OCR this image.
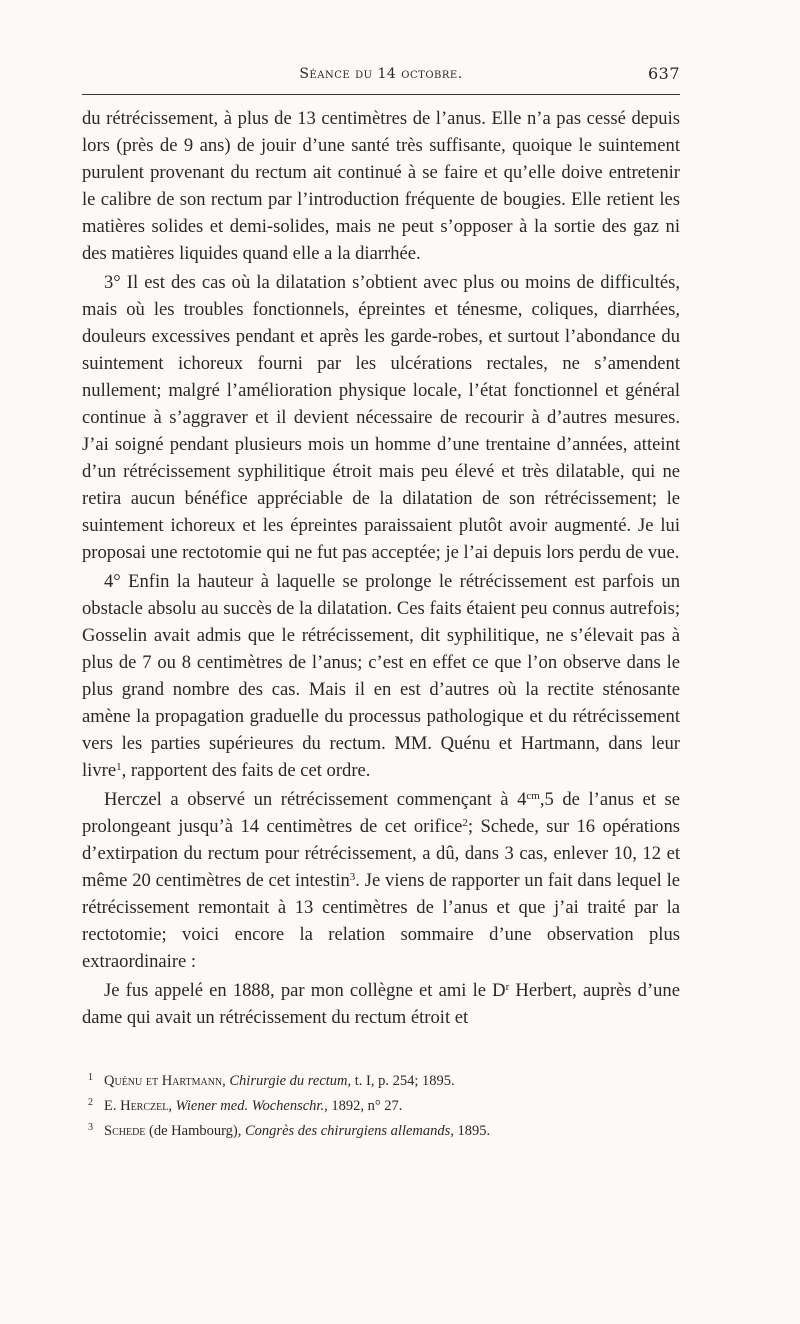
Séance du 14 octobre.	637

du rétrécissement, à plus de 13 centimètres de l’anus. Elle n’a pas cessé depuis lors (près de 9 ans) de jouir d’une santé très suffisante, quoique le suintement purulent provenant du rectum ait continué à se faire et qu’elle doive entretenir le calibre de son rectum par l’introduction fréquente de bougies. Elle retient les matières solides et demi-solides, mais ne peut s’opposer à la sortie des gaz ni des matières liquides quand elle a la diarrhée.

3° Il est des cas où la dilatation s’obtient avec plus ou moins de difficultés, mais où les troubles fonctionnels, épreintes et ténesme, coliques, diarrhées, douleurs excessives pendant et après les garde-robes, et surtout l’abondance du suintement ichoreux fourni par les ulcérations rectales, ne s’amendent nullement; malgré l’amélioration physique locale, l’état fonctionnel et général continue à s’aggraver et il devient nécessaire de recourir à d’autres mesures. J’ai soigné pendant plusieurs mois un homme d’une trentaine d’années, atteint d’un rétrécissement syphilitique étroit mais peu élevé et très dilatable, qui ne retira aucun bénéfice appréciable de la dilatation de son rétrécissement; le suintement ichoreux et les épreintes paraissaient plutôt avoir augmenté. Je lui proposai une rectotomie qui ne fut pas acceptée; je l’ai depuis lors perdu de vue.

4° Enfin la hauteur à laquelle se prolonge le rétrécissement est parfois un obstacle absolu au succès de la dilatation. Ces faits étaient peu connus autrefois; Gosselin avait admis que le rétrécissement, dit syphilitique, ne s’élevait pas à plus de 7 ou 8 centimètres de l’anus; c’est en effet ce que l’on observe dans le plus grand nombre des cas. Mais il en est d’autres où la rectite sténosante amène la propagation graduelle du processus pathologique et du rétrécissement vers les parties supérieures du rectum. MM. Quénu et Hartmann, dans leur livre$^1$, rapportent des faits de cet ordre.

Herczel a observé un rétrécissement commençant à $4^{cm},5$ de l’anus et se prolongeant jusqu’à 14 centimètres de cet orifice$^2$; Schede, sur 16 opérations d’extirpation du rectum pour rétrécissement, a dû, dans 3 cas, enlever 10, 12 et même 20 centimètres de cet intestin$^3$. Je viens de rapporter un fait dans lequel le rétrécissement remontait à 13 centimètres de l’anus et que j’ai traité par la rectotomie; voici encore la relation sommaire d’une observation plus extraordinaire :

Je fus appelé en 1888, par mon collègne et ami le $D^r$ Herbert, auprès d’une dame qui avait un rétrécissement du rectum étroit et

1 Quénu et Hartmann, Chirurgie du rectum, t. I, p. 254; 1895.

2 E. Herczel, Wiener med. Wochenschr., 1892, n° 27.

3 Schede (de Hambourg), Congrès des chirurgiens allemands, 1895.
